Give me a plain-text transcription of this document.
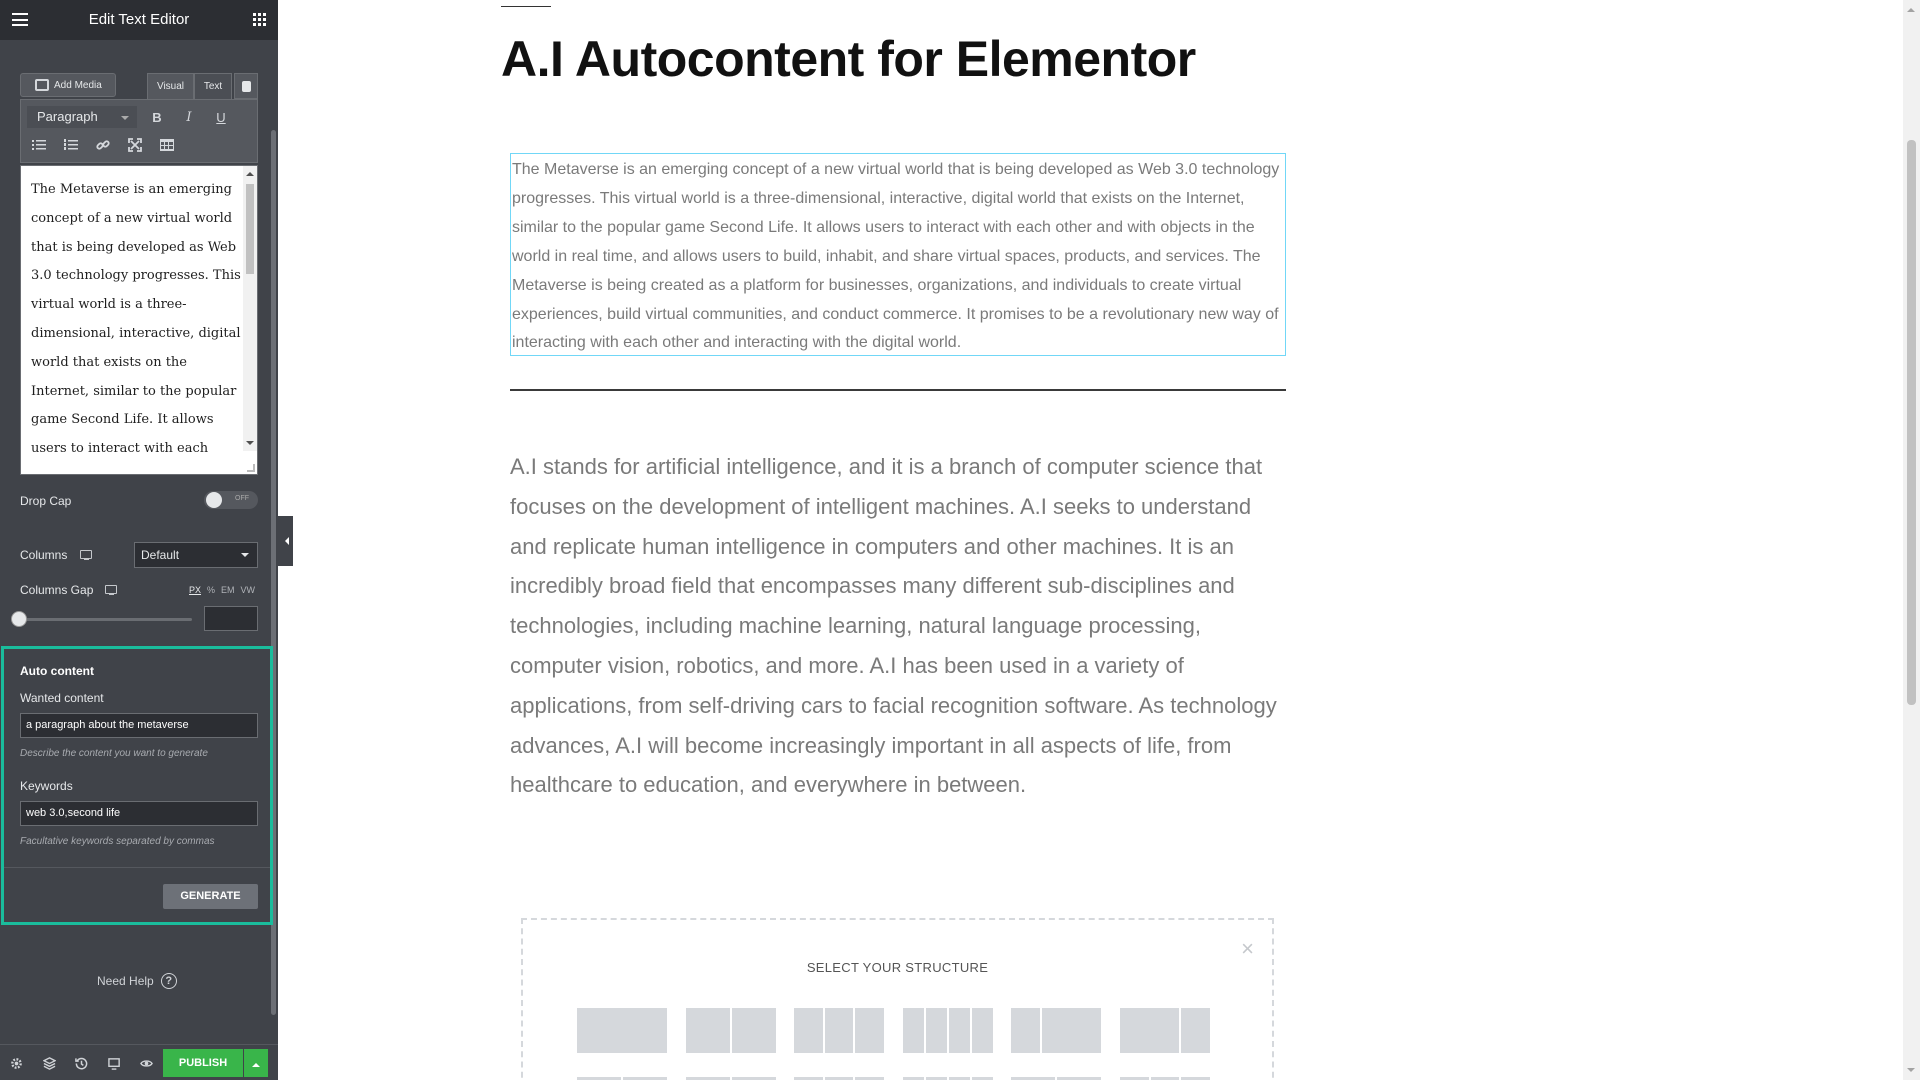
Edit Text Editor
Add Media	Visual	Text
Paragraph	B	I	U
The Metaverse is an emerging concept of a new virtual world that is being developed as Web 3.0 technology progresses. This virtual world is a three-dimensional, interactive, digital world that exists on the Internet, similar to the popular game Second Life. It allows users to interact with each
Drop Cap	OFF
Columns	Default
Columns Gap	PX % EM VW
Auto content
Wanted content
a paragraph about the metaverse
Describe the content you want to generate
Keywords
web 3.0,second life
Facultative keywords separated by commas
GENERATE
Need Help	?
PUBLISH
A.I Autocontent for Elementor

The Metaverse is an emerging concept of a new virtual world that is being developed as Web 3.0 technology progresses. This virtual world is a three-dimensional, interactive, digital world that exists on the Internet, similar to the popular game Second Life. It allows users to interact with each other and with objects in the world in real time, and allows users to build, inhabit, and share virtual spaces, products, and services. The Metaverse is being created as a platform for businesses, organizations, and individuals to create virtual experiences, build virtual communities, and conduct commerce. It promises to be a revolutionary new way of interacting with each other and interacting with the digital world.

A.I stands for artificial intelligence, and it is a branch of computer science that focuses on the development of intelligent machines. A.I seeks to understand and replicate human intelligence in computers and other machines. It is an incredibly broad field that encompasses many different sub-disciplines and technologies, including machine learning, natural language processing, computer vision, robotics, and more. A.I has been used in a variety of applications, from self-driving cars to facial recognition software. As technology advances, A.I will become increasingly important in all aspects of life, from healthcare to education, and everywhere in between.
×
SELECT YOUR STRUCTURE
